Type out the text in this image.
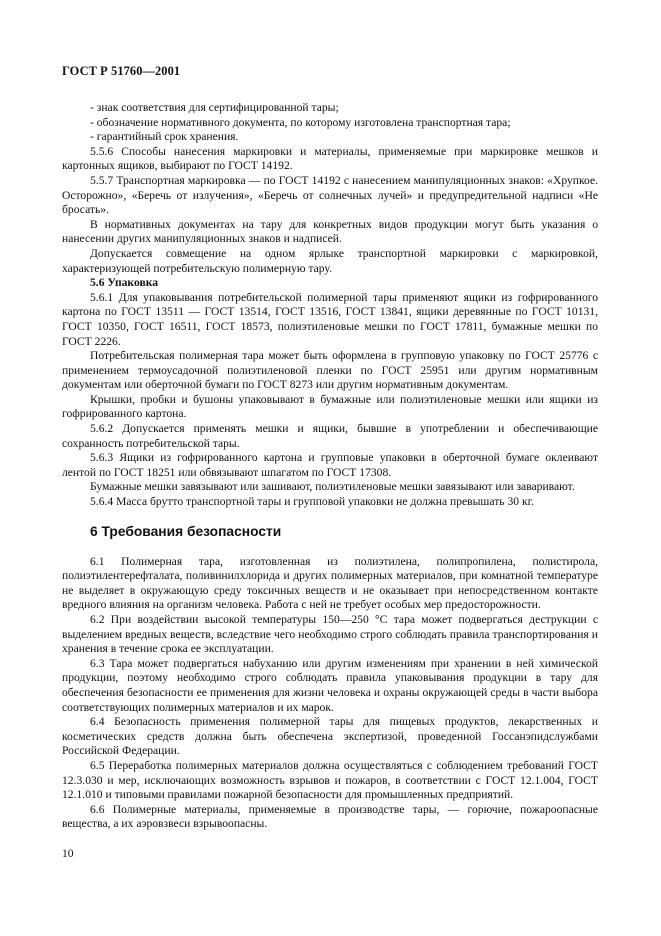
ГОСТ Р 51760—2001

- знак соответствия для сертифицированной тары;

- обозначение нормативного документа, по которому изготовлена транспортная тара;

- гарантийный срок хранения.

5.5.6 Способы нанесения маркировки и материалы, применяемые при маркировке мешков и картонных ящиков, выбирают по ГОСТ 14192.

5.5.7 Транспортная маркировка — по ГОСТ 14192 с нанесением манипуляционных знаков: «Хрупкое. Осторожно», «Беречь от излучения», «Беречь от солнечных лучей» и предупредительной надписи «Не бросать».

В нормативных документах на тару для конкретных видов продукции могут быть указания о нанесении других манипуляционных знаков и надписей.

Допускается совмещение на одном ярлыке транспортной маркировки с маркировкой, характеризующей потребительскую полимерную тару.

5.6 Упаковка

5.6.1 Для упаковывания потребительской полимерной тары применяют ящики из гофрированного картона по ГОСТ 13511 — ГОСТ 13514, ГОСТ 13516, ГОСТ 13841, ящики деревянные по ГОСТ 10131, ГОСТ 10350, ГОСТ 16511, ГОСТ 18573, полиэтиленовые мешки по ГОСТ 17811, бумажные мешки по ГОСТ 2226.

Потребительская полимерная тара может быть оформлена в групповую упаковку по ГОСТ 25776 с применением термоусадочной полиэтиленовой пленки по ГОСТ 25951 или другим нормативным документам или оберточной бумаги по ГОСТ 8273 или другим нормативным документам.

Крышки, пробки и бушоны упаковывают в бумажные или полиэтиленовые мешки или ящики из гофрированного картона.

5.6.2 Допускается применять мешки и ящики, бывшие в употреблении и обеспечивающие сохранность потребительской тары.

5.6.3 Ящики из гофрированного картона и групповые упаковки в оберточной бумаге оклеивают лентой по ГОСТ 18251 или обвязывают шпагатом по ГОСТ 17308.

Бумажные мешки завязывают или зашивают, полиэтиленовые мешки завязывают или заваривают.

5.6.4 Масса брутто транспортной тары и групповой упаковки не должна превышать 30 кг.

6 Требования безопасности

6.1 Полимерная тара, изготовленная из полиэтилена, полипропилена, полистирола, полиэтилентерефталата, поливинилхлорида и других полимерных материалов, при комнатной температуре не выделяет в окружающую среду токсичных веществ и не оказывает при непосредственном контакте вредного влияния на организм человека. Работа с ней не требует особых мер предосторожности.

6.2 При воздействии высокой температуры 150—250 °С тара может подвергаться деструкции с выделением вредных веществ, вследствие чего необходимо строго соблюдать правила транспортирования и хранения в течение срока ее эксплуатации.

6.3 Тара может подвергаться набуханию или другим изменениям при хранении в ней химической продукции, поэтому необходимо строго соблюдать правила упаковывания продукции в тару для обеспечения безопасности ее применения для жизни человека и охраны окружающей среды в части выбора соответствующих полимерных материалов и их марок.

6.4 Безопасность применения полимерной тары для пищевых продуктов, лекарственных и косметических средств должна быть обеспечена экспертизой, проведенной Госсанэпидслужбами Российской Федерации.

6.5 Переработка полимерных материалов должна осуществляться с соблюдением требований ГОСТ 12.3.030 и мер, исключающих возможность взрывов и пожаров, в соответствии с ГОСТ 12.1.004, ГОСТ 12.1.010 и типовыми правилами пожарной безопасности для промышленных предприятий.

6.6 Полимерные материалы, применяемые в производстве тары, — горючие, пожароопасные вещества, а их аэровзвеси взрывоопасны.

10
